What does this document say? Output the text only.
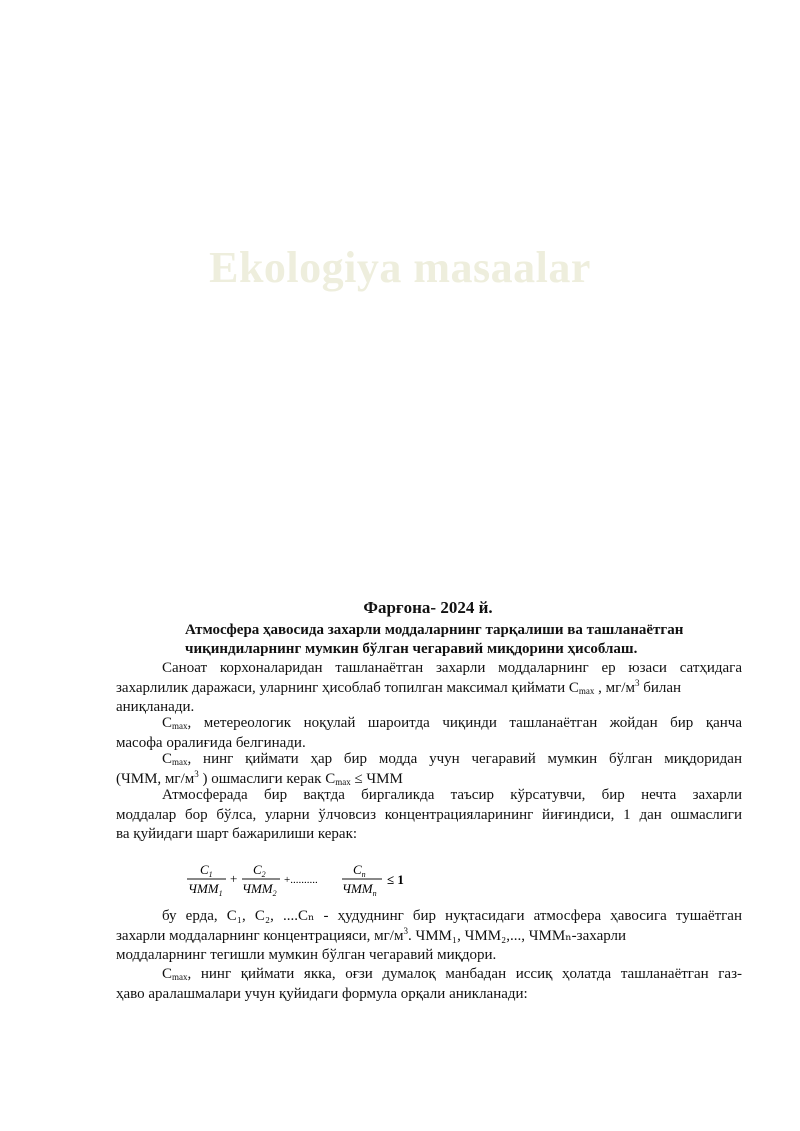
Ekologiya masaalar
Фарғона- 2024 й.
Атмосфера ҳавосида захарли моддаларнинг тарқалиши ва ташланаётган
чиқиндиларнинг мумкин бўлган чегаравий миқдорини ҳисоблаш.
Саноат корхоналаридан ташланаётган захарли моддаларнинг ер юзаси сатҳидага
захарлилик даражаси, уларнинг ҳисоблаб топилган максимал қиймати $C_{max}$ , $мг/м^3$ билан
аниқланади.
$C_{max}$, метереологик ноқулай шароитда чиқинди ташланаётган жойдан бир қанча
масофа оралиғида белгинади.
$C_{max}$, нинг қиймати ҳар бир модда учун чегаравий мумкин бўлган миқдоридан
(ЧММ, $мг/м^3$ ) ошмаслиги керак $C_{max}$ ≤ ЧММ
Атмосферада бир вақтда биргаликда таъсир кўрсатувчи, бир нечта захарли
моддалар бор бўлса, уларни ўлчовсиз концентрацияларининг йиғиндиси, 1 дан ошмаслиги
ва қуйидаги шарт бажарилиши керак:
$C_1$
$ЧММ_1$
+
$C_2$
$ЧММ_2$
+..........
$C_n$
$ЧММ_n$
≤ 1
бу ерда, C₁, C₂, ....Cₙ - ҳудуднинг бир нуқтасидаги атмосфера ҳавосига тушаётган
захарли моддаларнинг концентрацияси, $мг/м^3$. ЧММ₁, ЧММ₂,..., ЧММₙ-захарли
моддаларнинг тегишли мумкин бўлган чегаравий миқдори.
$C_{max}$, нинг қиймати якка, оғзи думалоқ манбадан иссиқ ҳолатда ташланаётган газ-
ҳаво аралашмалари учун қуйидаги формула орқали аникланади:
